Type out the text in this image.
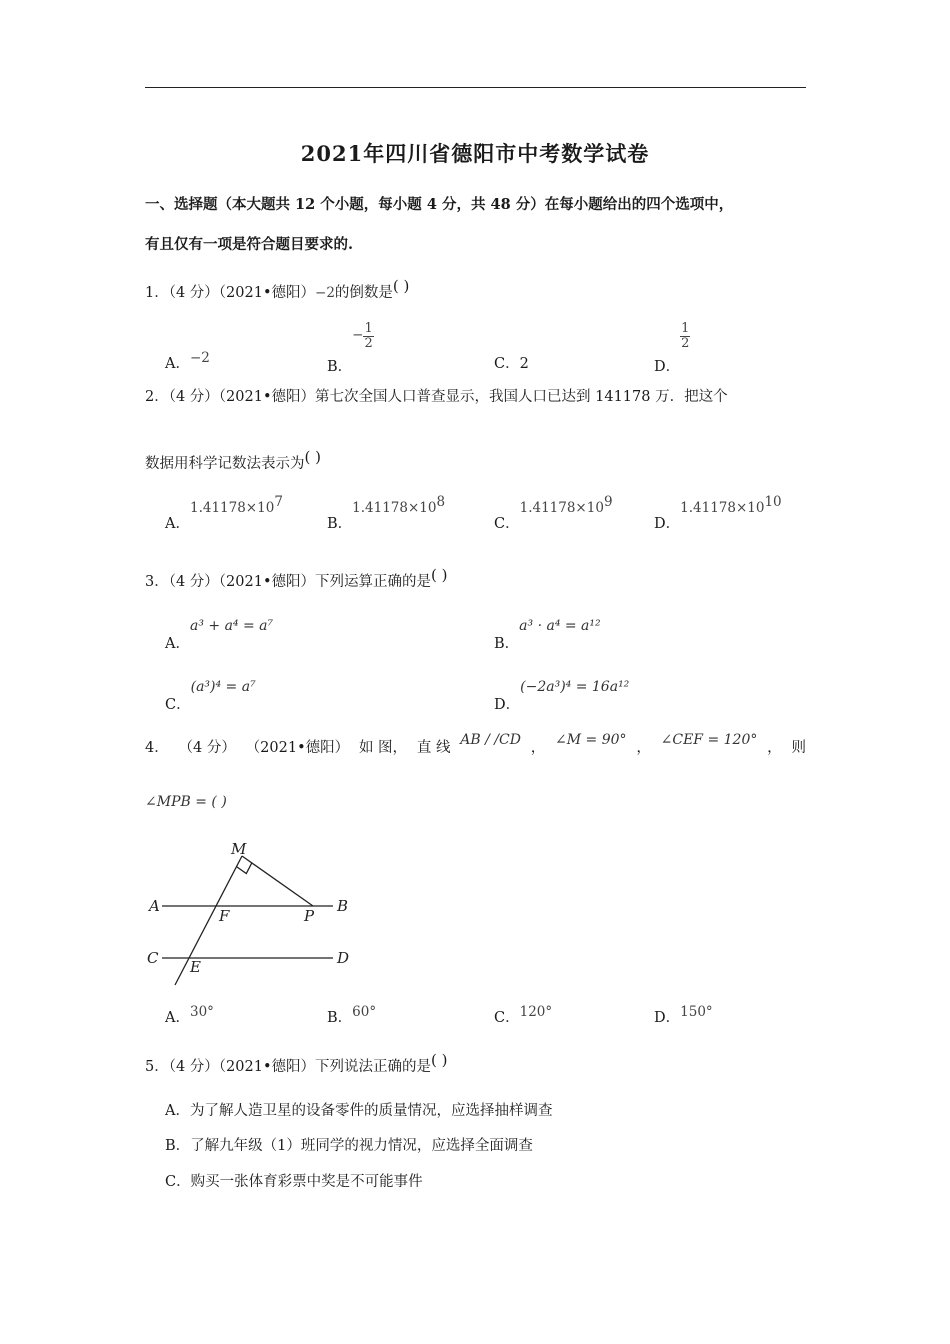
2021年四川省德阳市中考数学试卷
一、选择题（本大题共 12 个小题，每小题 4 分，共 48 分）在每小题给出的四个选项中，
有且仅有一项是符合题目要求的.
1．（4 分）（2021•德阳）−2的倒数是( )
A．−2
B．− $\frac{1}{2}$
C．2	D．
$\frac{1}{2}$
2．（4 分）（2021•德阳）第七次全国人口普查显示，我国人口已达到 141178 万．把这个
数据用科学记数法表示为( )
A．$1.41178\times 10^7$
B．$1.41178\times 10^8$
C．$1.41178\times 10^9$
D．$1.41178\times 10^{10}$
3．（4 分）（2021•德阳）下列运算正确的是( )
A．a³ + a⁴ = a⁷
B．a³ · a⁴ = a¹²
C．(a³)⁴ = a⁷
D．(−2a³)⁴ = 16a¹²
4． （4 分） （2021•德阳） 如 图， 直 线 AB / /CD ， ∠M = 90° ， ∠CEF = 120° ， 则
∠MPB = ( )
M
A	B
F	P
C	D
E
A．30°	B．60°	C．120°	D．150°
5．（4 分）（2021•德阳）下列说法正确的是( )
A．为了解人造卫星的设备零件的质量情况，应选择抽样调查
B．了解九年级（1）班同学的视力情况，应选择全面调查
C．购买一张体育彩票中奖是不可能事件
